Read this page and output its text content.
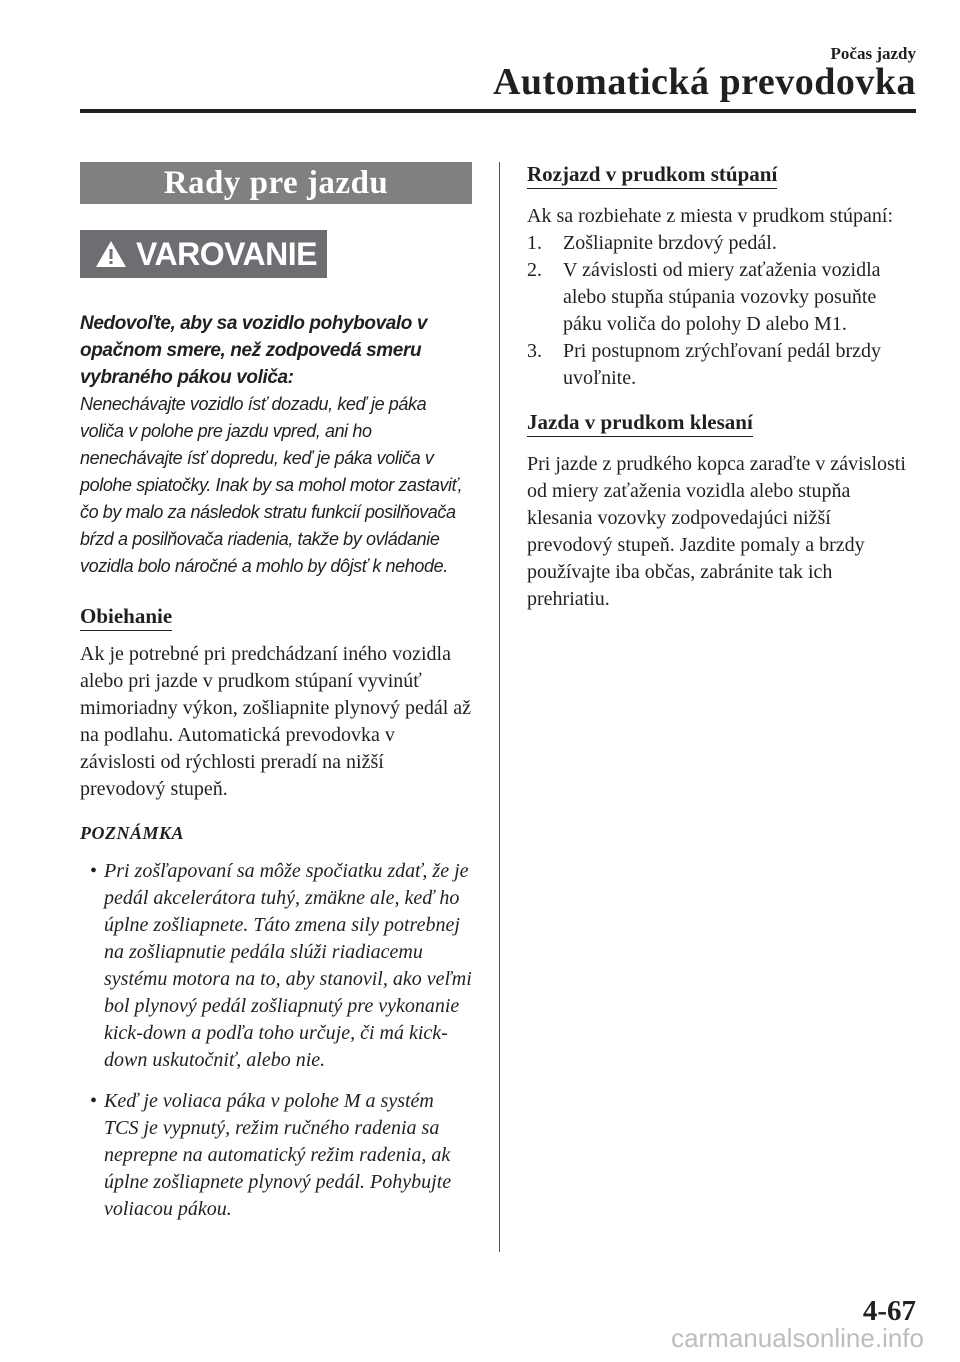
Počas jazdy
Automatická prevodovka
Rady pre jazdu
VAROVANIE
Nedovoľte, aby sa vozidlo pohybovalo v opačnom smere, než zodpovedá smeru vybraného pákou voliča:
Nenechávajte vozidlo ísť dozadu, keď je páka voliča v polohe pre jazdu vpred, ani ho nenechávajte ísť dopredu, keď je páka voliča v polohe spiatočky. Inak by sa mohol motor zastaviť, čo by malo za následok stratu funkcií posilňovača bŕzd a posilňovača riadenia, takže by ovládanie vozidla bolo náročné a mohlo by dôjsť k nehode.
Obiehanie
Ak je potrebné pri predchádzaní iného vozidla alebo pri jazde v prudkom stúpaní vyvinúť mimoriadny výkon, zošliapnite plynový pedál až na podlahu. Automatická prevodovka v závislosti od rýchlosti preradí na nižší prevodový stupeň.
POZNÁMKA
• Pri zošľapovaní sa môže spočiatku zdať, že je pedál akcelerátora tuhý, zmäkne ale, keď ho úplne zošliapnete. Táto zmena sily potrebnej na zošliapnutie pedála slúži riadiacemu systému motora na to, aby stanovil, ako veľmi bol plynový pedál zošliapnutý pre vykonanie kick-down a podľa toho určuje, či má kick-down uskutočniť, alebo nie.
• Keď je voliaca páka v polohe M a systém TCS je vypnutý, režim ručného radenia sa neprepne na automatický režim radenia, ak úplne zošliapnete plynový pedál. Pohybujte voliacou pákou.
Rozjazd v prudkom stúpaní
Ak sa rozbiehate z miesta v prudkom stúpaní:
1. Zošliapnite brzdový pedál.
2. V závislosti od miery zaťaženia vozidla alebo stupňa stúpania vozovky posuňte páku voliča do polohy D alebo M1.
3. Pri postupnom zrýchľovaní pedál brzdy uvoľnite.
Jazda v prudkom klesaní
Pri jazde z prudkého kopca zaraďte v závislosti od miery zaťaženia vozidla alebo stupňa klesania vozovky zodpovedajúci nižší prevodový stupeň. Jazdite pomaly a brzdy používajte iba občas, zabránite tak ich prehriatiu.
4-67
carmanualsonline.info
